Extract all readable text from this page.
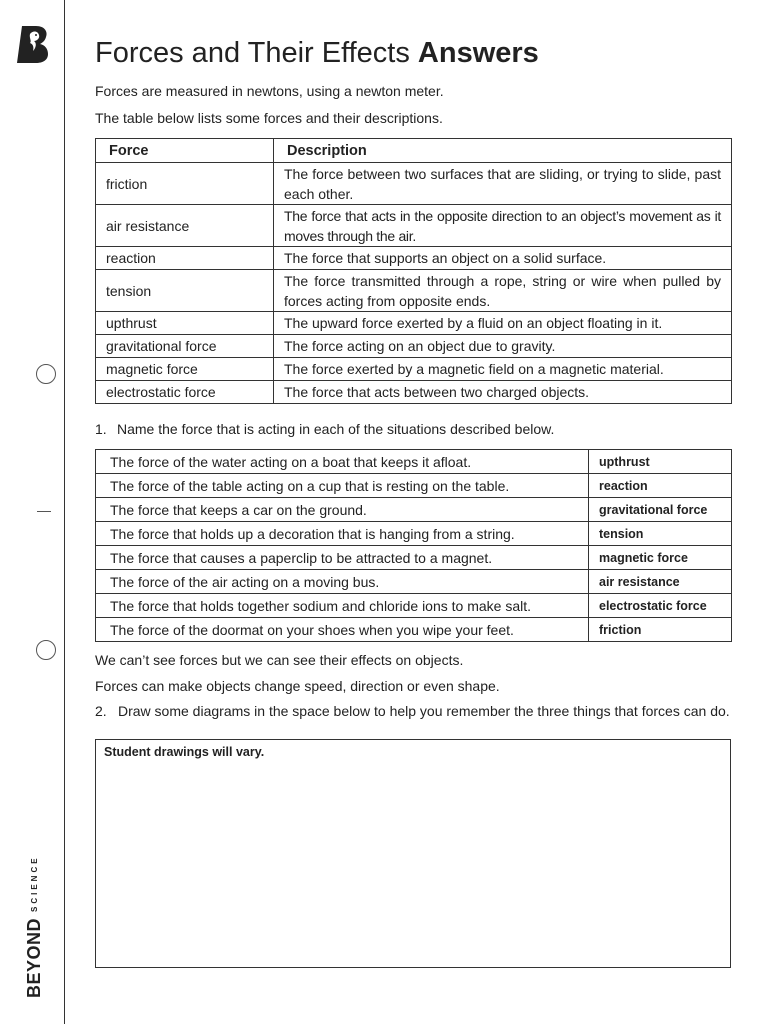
BEYONDSCIENCE
Forces and Their Effects Answers

Forces are measured in newtons, using a newton meter.

The table below lists some forces and their descriptions.

Force	Description
friction	The force between two surfaces that are sliding, or trying to slide, past each other.
air resistance	The force that acts in the opposite direction to an object’s movement as it moves through the air.
reaction	The force that supports an object on a solid surface.
tension	The force transmitted through a rope, string or wire when pulled by forces acting from opposite ends.
upthrust	The upward force exerted by a fluid on an object floating in it.
gravitational force	The force acting on an object due to gravity.
magnetic force	The force exerted by a magnetic field on a magnetic material.
electrostatic force	The force that acts between two charged objects.

1. Name the force that is acting in each of the situations described below.

The force of the water acting on a boat that keeps it afloat.	upthrust
The force of the table acting on a cup that is resting on the table.	reaction
The force that keeps a car on the ground.	gravitational force
The force that holds up a decoration that is hanging from a string.	tension
The force that causes a paperclip to be attracted to a magnet.	magnetic force
The force of the air acting on a moving bus.	air resistance
The force that holds together sodium and chloride ions to make salt.	electrostatic force
The force of the doormat on your shoes when you wipe your feet.	friction

We can’t see forces but we can see their effects on objects.

Forces can make objects change speed, direction or even shape.

2. Draw some diagrams in the space below to help you remember the three things that forces can do.
Student drawings will vary.
